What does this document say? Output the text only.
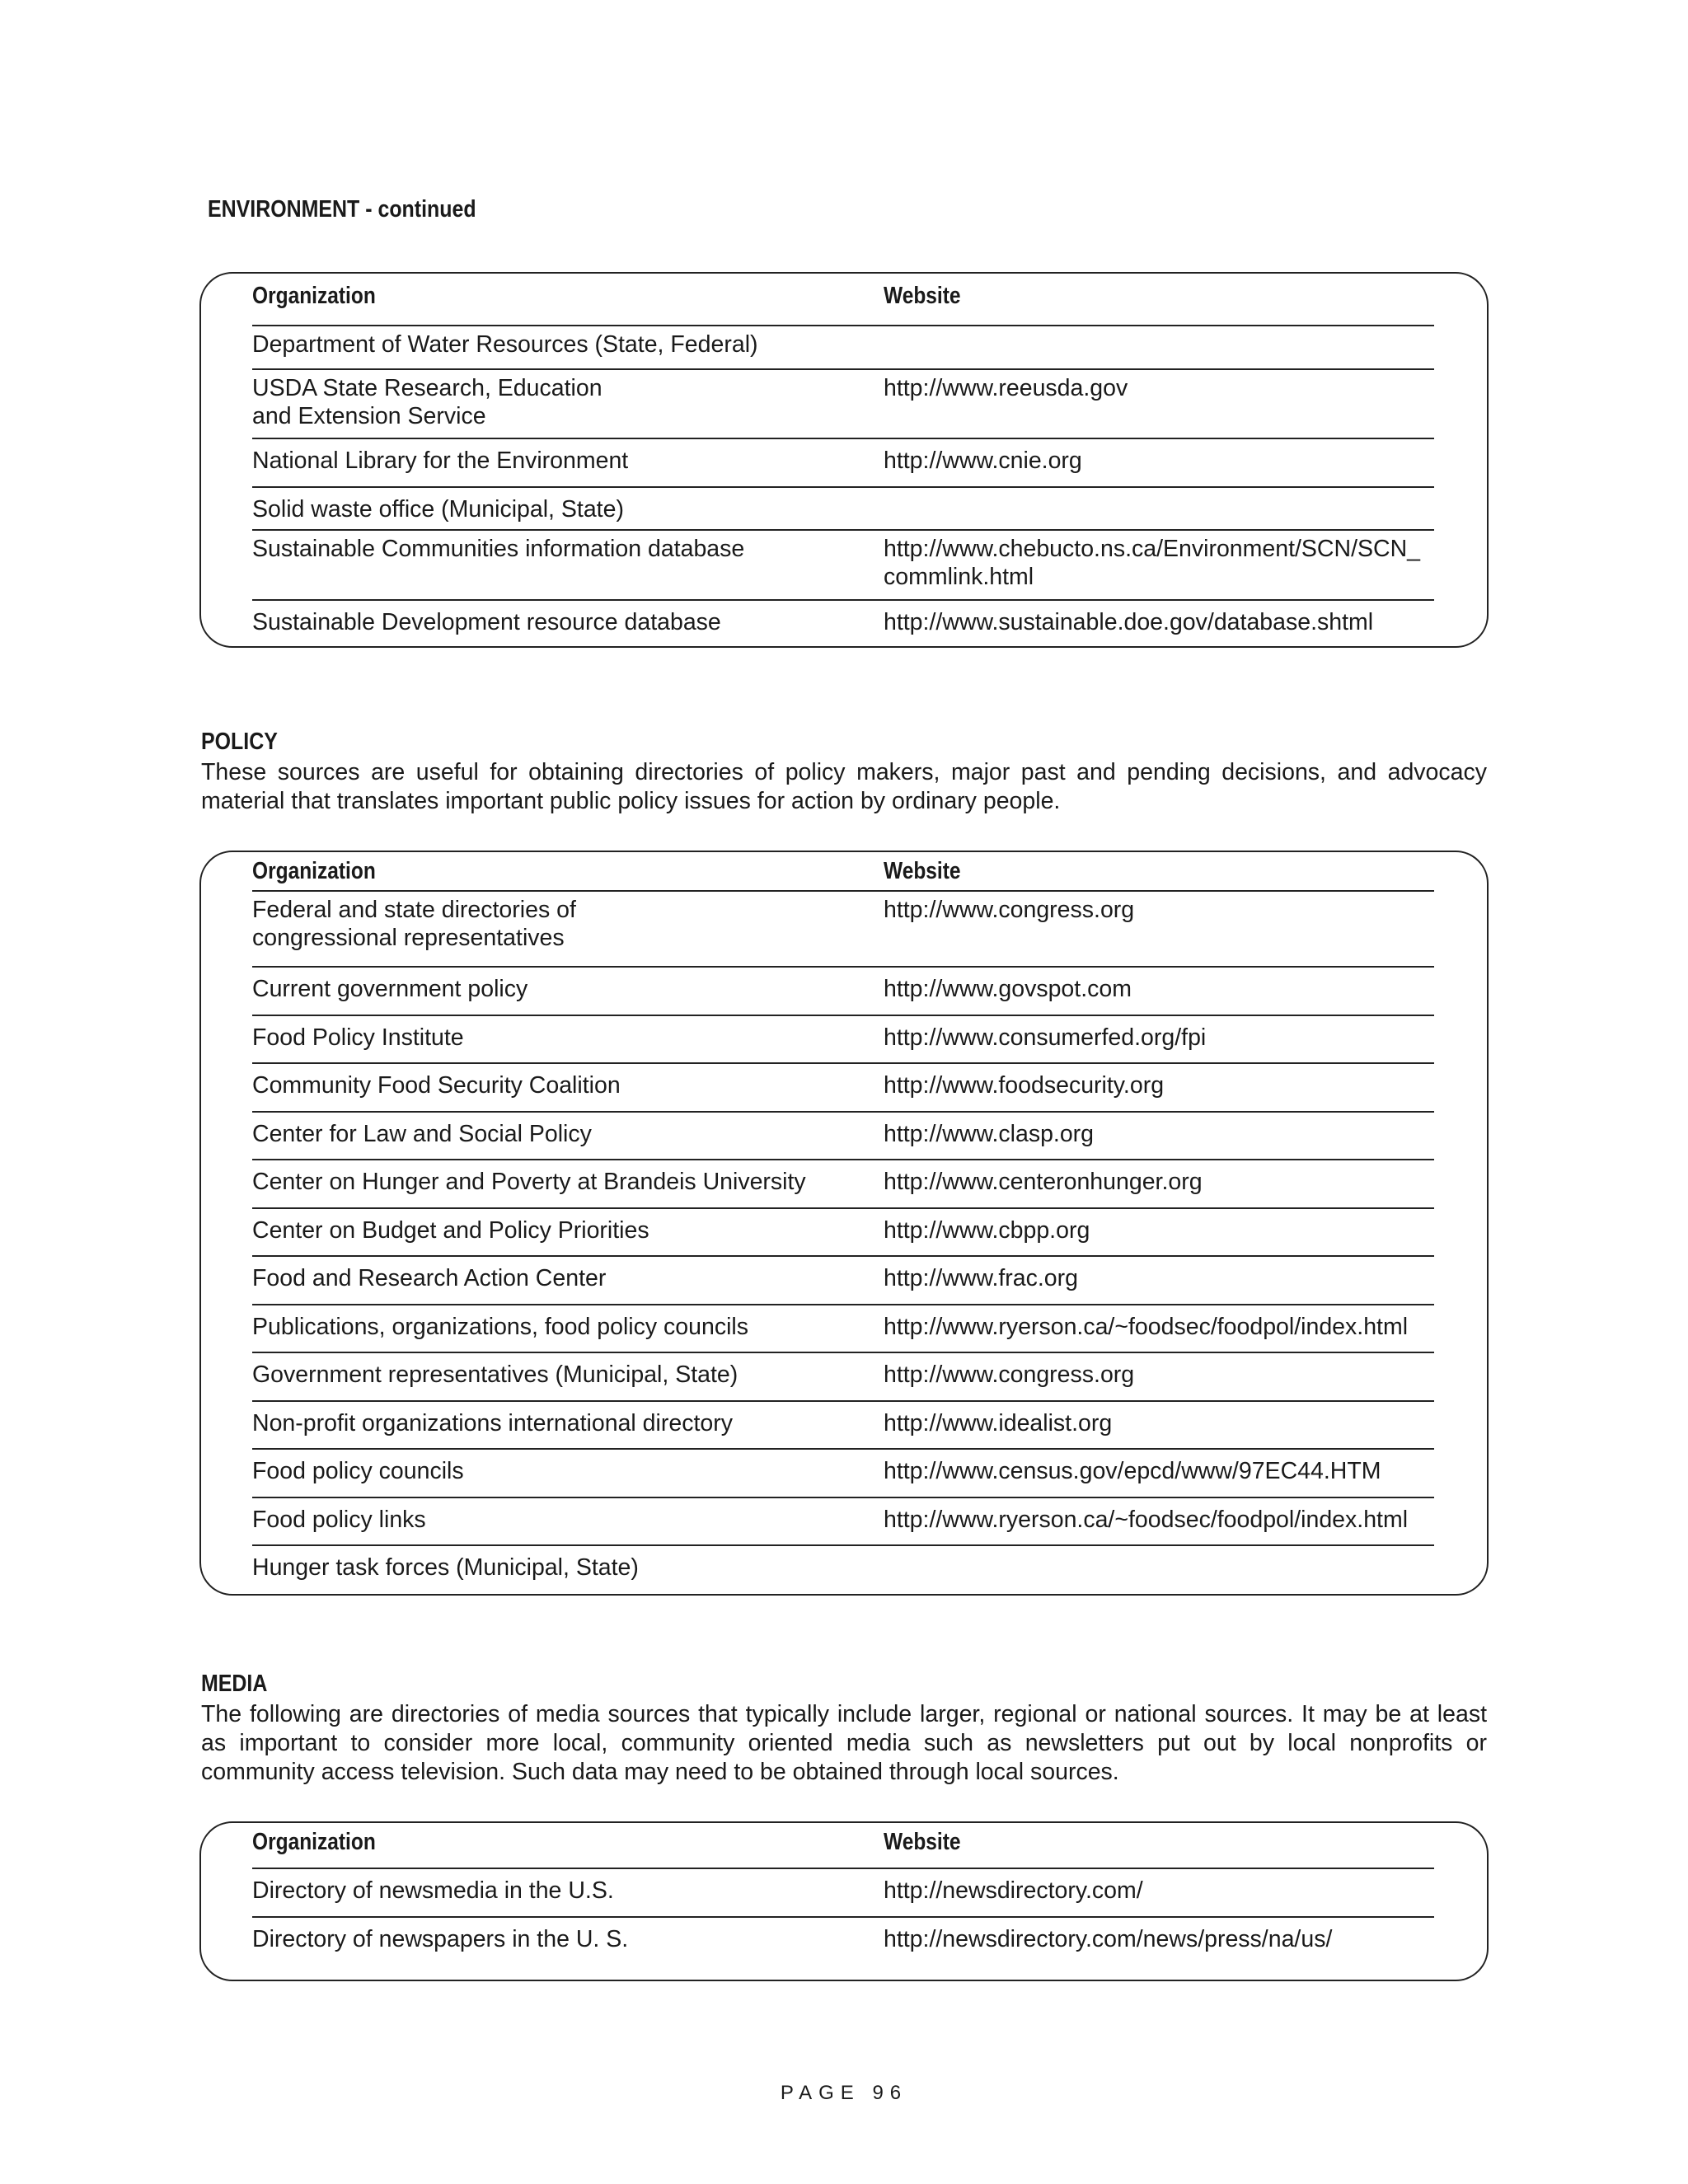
ENVIRONMENT - continued
Organization	Website
Department of Water Resources (State, Federal)
USDA State Research, Education
and Extension Service
http://www.reeusda.gov
National Library for the Environment	http://www.cnie.org
Solid waste office (Municipal, State)
Sustainable Communities information database	http://www.chebucto.ns.ca/Environment/SCN/SCN_
commlink.html
Sustainable Development resource database	http://www.sustainable.doe.gov/database.shtml
POLICY
These sources are useful for obtaining directories of policy makers, major past and pending decisions, and advocacy material that translates important public policy issues for action by ordinary people.
Organization	Website
Federal and state directories of
congressional representatives
http://www.congress.org
Current government policy	http://www.govspot.com
Food Policy Institute	http://www.consumerfed.org/fpi
Community Food Security Coalition	http://www.foodsecurity.org
Center for Law and Social Policy	http://www.clasp.org
Center on Hunger and Poverty at Brandeis University	http://www.centeronhunger.org
Center on Budget and Policy Priorities	http://www.cbpp.org
Food and Research Action Center	http://www.frac.org
Publications, organizations, food policy councils	http://www.ryerson.ca/~foodsec/foodpol/index.html
Government representatives (Municipal, State)	http://www.congress.org
Non-profit organizations international directory	http://www.idealist.org
Food policy councils	http://www.census.gov/epcd/www/97EC44.HTM
Food policy links	http://www.ryerson.ca/~foodsec/foodpol/index.html
Hunger task forces (Municipal, State)
MEDIA
The following are directories of media sources that typically include larger, regional or national sources. It may be at least as important to consider more local, community oriented media such as newsletters put out by local nonprofits or community access television. Such data may need to be obtained through local sources.
Organization	Website
Directory of newsmedia in the U.S.	http://newsdirectory.com/
Directory of newspapers in the U. S.	http://newsdirectory.com/news/press/na/us/
PAGE 96
